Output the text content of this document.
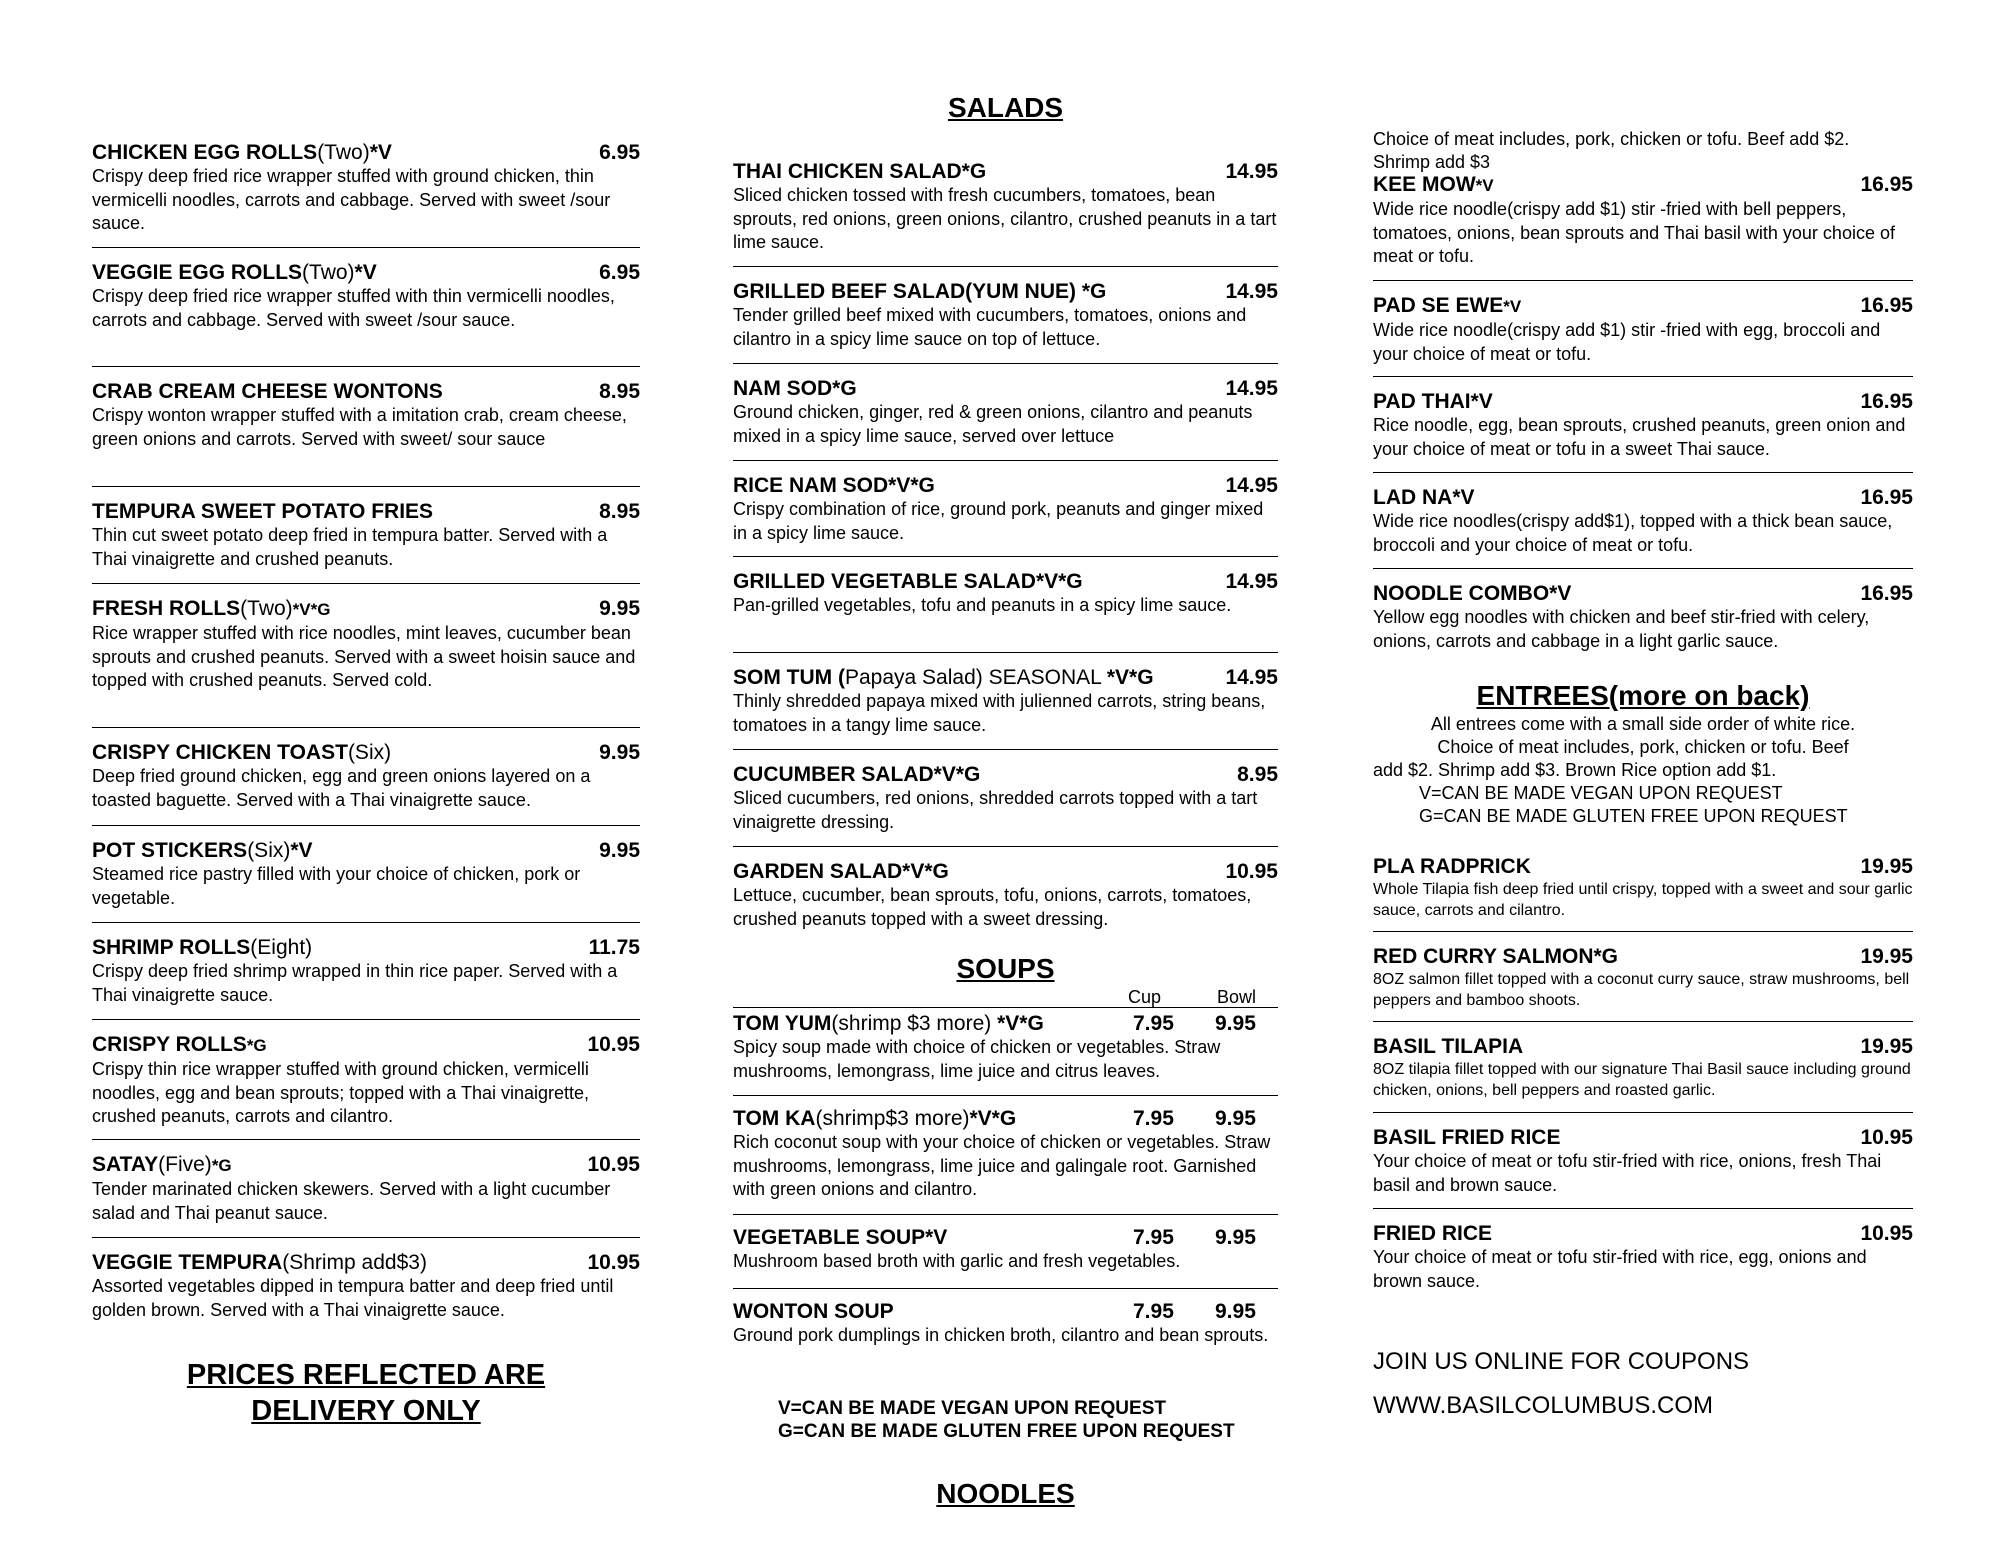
CHICKEN EGG ROLLS(Two)*V	6.95
Crispy deep fried rice wrapper stuffed with ground chicken, thin vermicelli noodles, carrots and cabbage. Served with sweet /sour sauce.
VEGGIE EGG ROLLS(Two)*V	6.95
Crispy deep fried rice wrapper stuffed with thin vermicelli noodles, carrots and cabbage. Served with sweet /sour sauce.
CRAB CREAM CHEESE WONTONS	8.95
Crispy wonton wrapper stuffed with a imitation crab, cream cheese, green onions and carrots. Served with sweet/ sour sauce
TEMPURA SWEET POTATO FRIES	8.95
Thin cut sweet potato deep fried in tempura batter. Served with a Thai vinaigrette and crushed peanuts.
FRESH ROLLS(Two)*V*G	9.95
Rice wrapper stuffed with rice noodles, mint leaves, cucumber bean sprouts and crushed peanuts. Served with a sweet hoisin sauce and topped with crushed peanuts. Served cold.
CRISPY CHICKEN TOAST(Six)	9.95
Deep fried ground chicken, egg and green onions layered on a toasted baguette. Served with a Thai vinaigrette sauce.
POT STICKERS(Six)*V	9.95
Steamed rice pastry filled with your choice of chicken, pork or vegetable.
SHRIMP ROLLS(Eight)	11.75
Crispy deep fried shrimp wrapped in thin rice paper. Served with a Thai vinaigrette sauce.
CRISPY ROLLS*G	10.95
Crispy thin rice wrapper stuffed with ground chicken, vermicelli noodles, egg and bean sprouts; topped with a Thai vinaigrette, crushed peanuts, carrots and cilantro.
SATAY(Five)*G	10.95
Tender marinated chicken skewers. Served with a light cucumber salad and Thai peanut sauce.
VEGGIE TEMPURA(Shrimp add$3)	10.95
Assorted vegetables dipped in tempura batter and deep fried until golden brown. Served with a Thai vinaigrette sauce.
PRICES REFLECTED ARE
DELIVERY ONLY
SALADS
SOUPS
NOODLES
V=CAN BE MADE VEGAN UPON REQUEST
G=CAN BE MADE GLUTEN FREE UPON REQUEST
THAI CHICKEN SALAD*G	14.95
Sliced chicken tossed with fresh cucumbers, tomatoes, bean sprouts, red onions, green onions, cilantro, crushed peanuts in a tart lime sauce.
GRILLED BEEF SALAD(YUM NUE) *G	14.95
Tender grilled beef mixed with cucumbers, tomatoes, onions and cilantro in a spicy lime sauce on top of lettuce.
NAM SOD*G	14.95
Ground chicken, ginger, red & green onions, cilantro and peanuts mixed in a spicy lime sauce, served over lettuce
RICE NAM SOD*V*G	14.95
Crispy combination of rice, ground pork, peanuts and ginger mixed in a spicy lime sauce.
GRILLED VEGETABLE SALAD*V*G	14.95
Pan-grilled vegetables, tofu and peanuts in a spicy lime sauce.
SOM TUM (Papaya Salad) SEASONAL *V*G	14.95
Thinly shredded papaya mixed with julienned carrots, string beans, tomatoes in a tangy lime sauce.
CUCUMBER SALAD*V*G	8.95
Sliced cucumbers, red onions, shredded carrots topped with a tart vinaigrette dressing.
GARDEN SALAD*V*G	10.95
Lettuce, cucumber, bean sprouts, tofu, onions, carrots, tomatoes, crushed peanuts topped with a sweet dressing.
Cup	Bowl
TOM YUM(shrimp $3 more) *V*G	7.95 9.95
Spicy soup made with choice of chicken or vegetables. Straw mushrooms, lemongrass, lime juice and citrus leaves.
TOM KA(shrimp$3 more)*V*G	7.95 9.95
Rich coconut soup with your choice of chicken or vegetables. Straw mushrooms, lemongrass, lime juice and galingale root. Garnished with green onions and cilantro.
VEGETABLE SOUP*V	7.95 9.95
Mushroom based broth with garlic and fresh vegetables.
WONTON SOUP	7.95 9.95
Ground pork dumplings in chicken broth, cilantro and bean sprouts.
Choice of meat includes, pork, chicken or tofu. Beef add $2.
Shrimp add $3
ENTREES(more on back)
All entrees come with a small side order of white rice.
Choice of meat includes, pork, chicken or tofu. Beef
add $2. Shrimp add $3. Brown Rice option add $1.
V=CAN BE MADE VEGAN UPON REQUEST
G=CAN BE MADE GLUTEN FREE UPON REQUEST
JOIN US ONLINE FOR COUPONS
WWW.BASILCOLUMBUS.COM
KEE MOW*V	16.95
Wide rice noodle(crispy add $1) stir -fried with bell peppers, tomatoes, onions, bean sprouts and Thai basil with your choice of meat or tofu.
PAD SE EWE*V	16.95
Wide rice noodle(crispy add $1) stir -fried with egg, broccoli and your choice of meat or tofu.
PAD THAI*V	16.95
Rice noodle, egg, bean sprouts, crushed peanuts, green onion and your choice of meat or tofu in a sweet Thai sauce.
LAD NA*V	16.95
Wide rice noodles(crispy add$1), topped with a thick bean sauce, broccoli and your choice of meat or tofu.
NOODLE COMBO*V	16.95
Yellow egg noodles with chicken and beef stir-fried with celery, onions, carrots and cabbage in a light garlic sauce.
PLA RADPRICK	19.95
Whole Tilapia fish deep fried until crispy, topped with a sweet and sour garlic sauce, carrots and cilantro.
RED CURRY SALMON*G	19.95
8OZ salmon fillet topped with a coconut curry sauce, straw mushrooms, bell peppers and bamboo shoots.
BASIL TILAPIA	19.95
8OZ tilapia fillet topped with our signature Thai Basil sauce including ground chicken, onions, bell peppers and roasted garlic.
BASIL FRIED RICE	10.95
Your choice of meat or tofu stir-fried with rice, onions, fresh Thai basil and brown sauce.
FRIED RICE	10.95
Your choice of meat or tofu stir-fried with rice, egg, onions and brown sauce.
